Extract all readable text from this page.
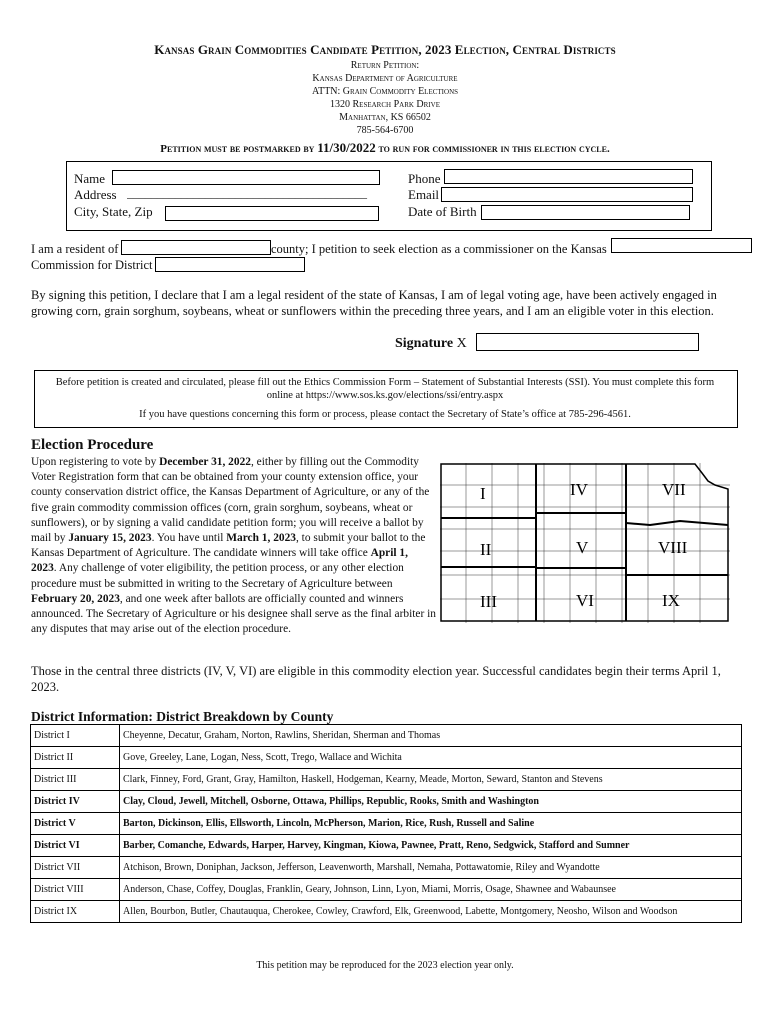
Kansas Grain Commodities Candidate Petition, 2023 Election, Central Districts
Return Petition:
Kansas Department of Agriculture
ATTN: Grain Commodity Elections
1320 Research Park Drive
Manhattan, KS 66502
785-564-6700
Petition must be postmarked by 11/30/2022 to run for commissioner in this election cycle.
Name
Address ________________________________________
City, State, Zip
Phone
Email
Date of Birth
I am a resident of	county; I petition to seek election as a commissioner on the Kansas
Commission for District
By signing this petition, I declare that I am a legal resident of the state of Kansas, I am of legal voting age, have been actively engaged in growing corn, grain sorghum, soybeans, wheat or sunflowers within the preceding three years, and I am an eligible voter in this election.
Signature X
Before petition is created and circulated, please fill out the Ethics Commission Form – Statement of Substantial Interests (SSI). You must complete this form online at https://www.sos.ks.gov/elections/ssi/entry.aspx
If you have questions concerning this form or process, please contact the Secretary of State’s office at 785-296-4561.
Election Procedure
I	IV	VII
II	V	VIII
III	VI	IX
Upon registering to vote by December 31, 2022, either by filling out the Commodity Voter Registration form that can be obtained from your county extension office, your county conservation district office, the Kansas Department of Agriculture, or any of the five grain commodity commission offices (corn, grain sorghum, soybeans, wheat or sunflowers), or by signing a valid candidate petition form; you will receive a ballot by mail by January 15, 2023. You have until March 1, 2023, to submit your ballot to the Kansas Department of Agriculture. The candidate winners will take office April 1, 2023. Any challenge of voter eligibility, the petition process, or any other election procedure must be submitted in writing to the Secretary of Agriculture between February 20, 2023, and one week after ballots are officially counted and winners announced. The Secretary of Agriculture or his designee shall serve as the final arbiter in any disputes that may arise out of the election procedure.
Those in the central three districts (IV, V, VI) are eligible in this commodity election year. Successful candidates begin their terms April 1, 2023.
District Information: District Breakdown by County
District I	Cheyenne, Decatur, Graham, Norton, Rawlins, Sheridan, Sherman and Thomas
District II	Gove, Greeley, Lane, Logan, Ness, Scott, Trego, Wallace and Wichita
District III	Clark, Finney, Ford, Grant, Gray, Hamilton, Haskell, Hodgeman, Kearny, Meade, Morton, Seward, Stanton and Stevens
District IV	Clay, Cloud, Jewell, Mitchell, Osborne, Ottawa, Phillips, Republic, Rooks, Smith and Washington
District V	Barton, Dickinson, Ellis, Ellsworth, Lincoln, McPherson, Marion, Rice, Rush, Russell and Saline
District VI	Barber, Comanche, Edwards, Harper, Harvey, Kingman, Kiowa, Pawnee, Pratt, Reno, Sedgwick, Stafford and Sumner
District VII	Atchison, Brown, Doniphan, Jackson, Jefferson, Leavenworth, Marshall, Nemaha, Pottawatomie, Riley and Wyandotte
District VIII	Anderson, Chase, Coffey, Douglas, Franklin, Geary, Johnson, Linn, Lyon, Miami, Morris, Osage, Shawnee and Wabaunsee
District IX	Allen, Bourbon, Butler, Chautauqua, Cherokee, Cowley, Crawford, Elk, Greenwood, Labette, Montgomery, Neosho, Wilson and Woodson
This petition may be reproduced for the 2023 election year only.
